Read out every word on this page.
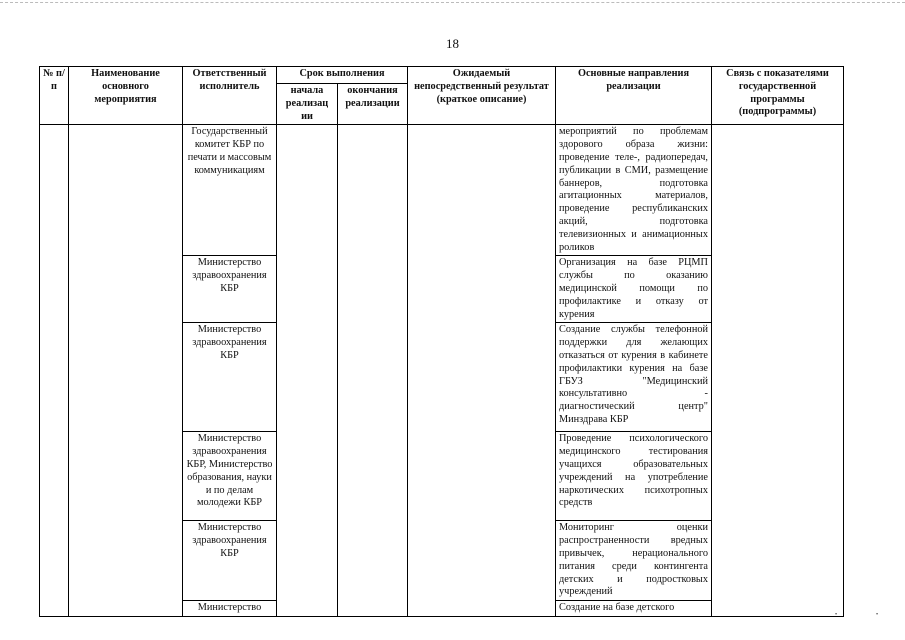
18
№ п/п	Наименование основного мероприятия	Ответственный исполнитель	Срок выполнения		Ожидаемый непосредственный результат (краткое описание)	Основные направления реализации	Связь с показателями государственной программы (подпрограммы)
			начала реализац ии	окончания реализации			
		Государственный комитет КБР по печати и массовым коммуникациям				мероприятий по проблемам здорового образа жизни: проведение теле-, радиопередач, публикации в СМИ, размещение баннеров, подготовка агитационных материалов, проведение республиканских акций, подготовка телевизионных и анимационных роликов	
		Министерство здравоохранения КБР				Организация на базе РЦМП службы по оказанию медицинской помощи по профилактике и отказу от курения	
		Министерство здравоохранения КБР				Создание службы телефонной поддержки для желающих отказаться от курения в кабинете профилактики курения на базе ГБУЗ "Медицинский консультативно - диагностический центр" Минздрава КБР	
		Министерство здравоохранения КБР, Министерство образования, науки и по делам молодежи КБР				Проведение психологического медицинского тестирования учащихся образовательных учреждений на употребление наркотических психотропных средств	
		Министерство здравоохранения КБР				Мониторинг оценки распространенности вредных привычек, нерационального питания среди контингента детских и подростковых учреждений	
		Министерство				Создание на базе детского	
•	•
